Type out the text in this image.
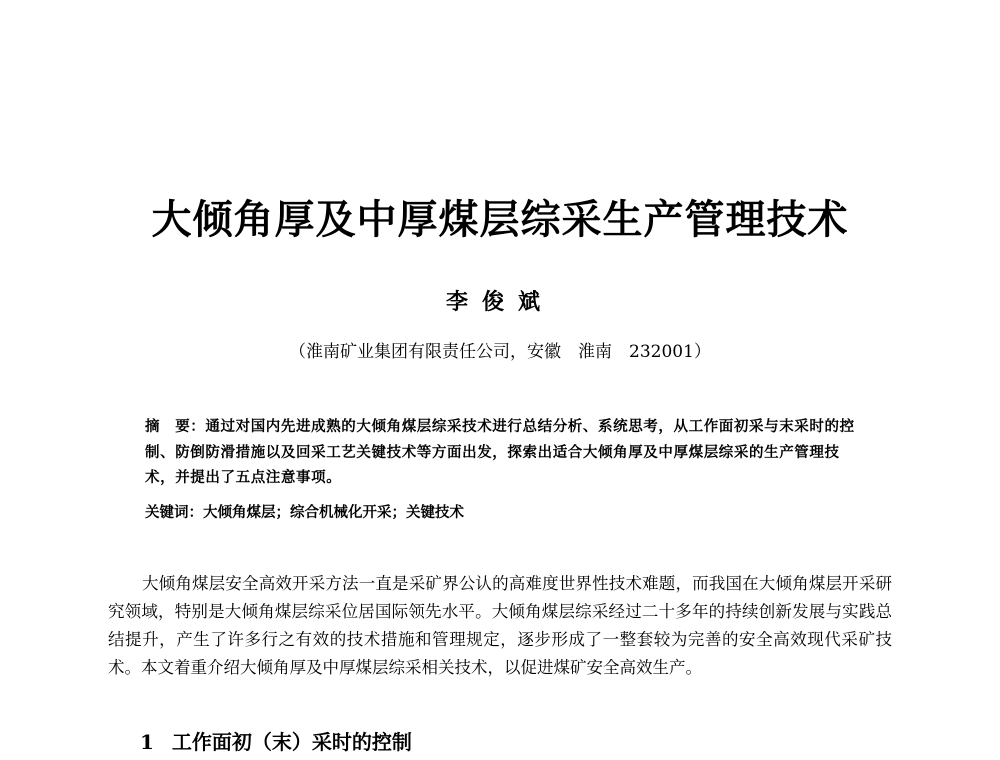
大倾角厚及中厚煤层综采生产管理技术
李俊斌
（淮南矿业集团有限责任公司，安徽　淮南　232001）
摘　要：通过对国内先进成熟的大倾角煤层综采技术进行总结分析、系统思考，从工作面初采与末采时的控制、防倒防滑措施以及回采工艺关键技术等方面出发，探索出适合大倾角厚及中厚煤层综采的生产管理技术，并提出了五点注意事项。
关键词：大倾角煤层；综合机械化开采；关键技术
大倾角煤层安全高效开采方法一直是采矿界公认的高难度世界性技术难题，而我国在大倾角煤层开采研究领域，特别是大倾角煤层综采位居国际领先水平。大倾角煤层综采经过二十多年的持续创新发展与实践总结提升，产生了许多行之有效的技术措施和管理规定，逐步形成了一整套较为完善的安全高效现代采矿技术。本文着重介绍大倾角厚及中厚煤层综采相关技术，以促进煤矿安全高效生产。
1 工作面初（末）采时的控制
